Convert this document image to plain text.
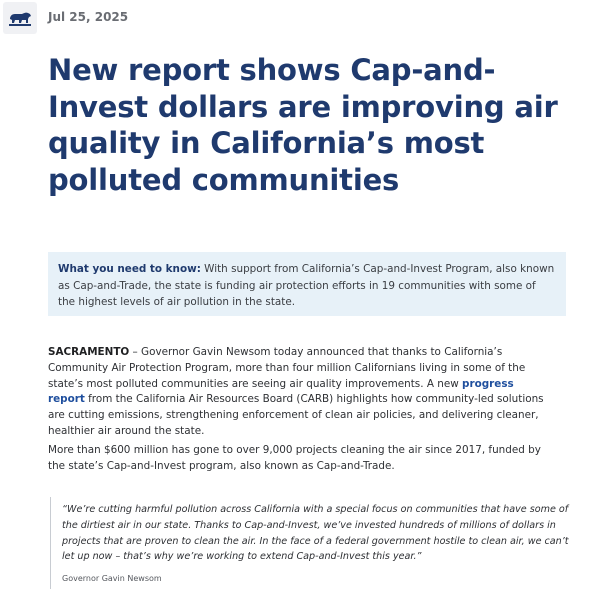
Jul 25, 2025
New report shows Cap-and-Invest dollars are improving air quality in California’s most polluted communities
What you need to know: With support from California’s Cap-and-Invest Program, also known as Cap-and-Trade, the state is funding air protection efforts in 19 communities with some of the highest levels of air pollution in the state.

SACRAMENTO – Governor Gavin Newsom today announced that thanks to California’s Community Air Protection Program, more than four million Californians living in some of the state’s most polluted communities are seeing air quality improvements. A new progress report from the California Air Resources Board (CARB) highlights how community-led solutions are cutting emissions, strengthening enforcement of clean air policies, and delivering cleaner, healthier air around the state.

More than $600 million has gone to over 9,000 projects cleaning the air since 2017, funded by the state’s Cap-and-Invest program, also known as Cap-and-Trade.

“We’re cutting harmful pollution across California with a special focus on communities that have some of the dirtiest air in our state. Thanks to Cap-and-Invest, we’ve invested hundreds of millions of dollars in projects that are proven to clean the air. In the face of a federal government hostile to clean air, we can’t let up now – that’s why we’re working to extend Cap-and-Invest this year.”

Governor Gavin Newsom
